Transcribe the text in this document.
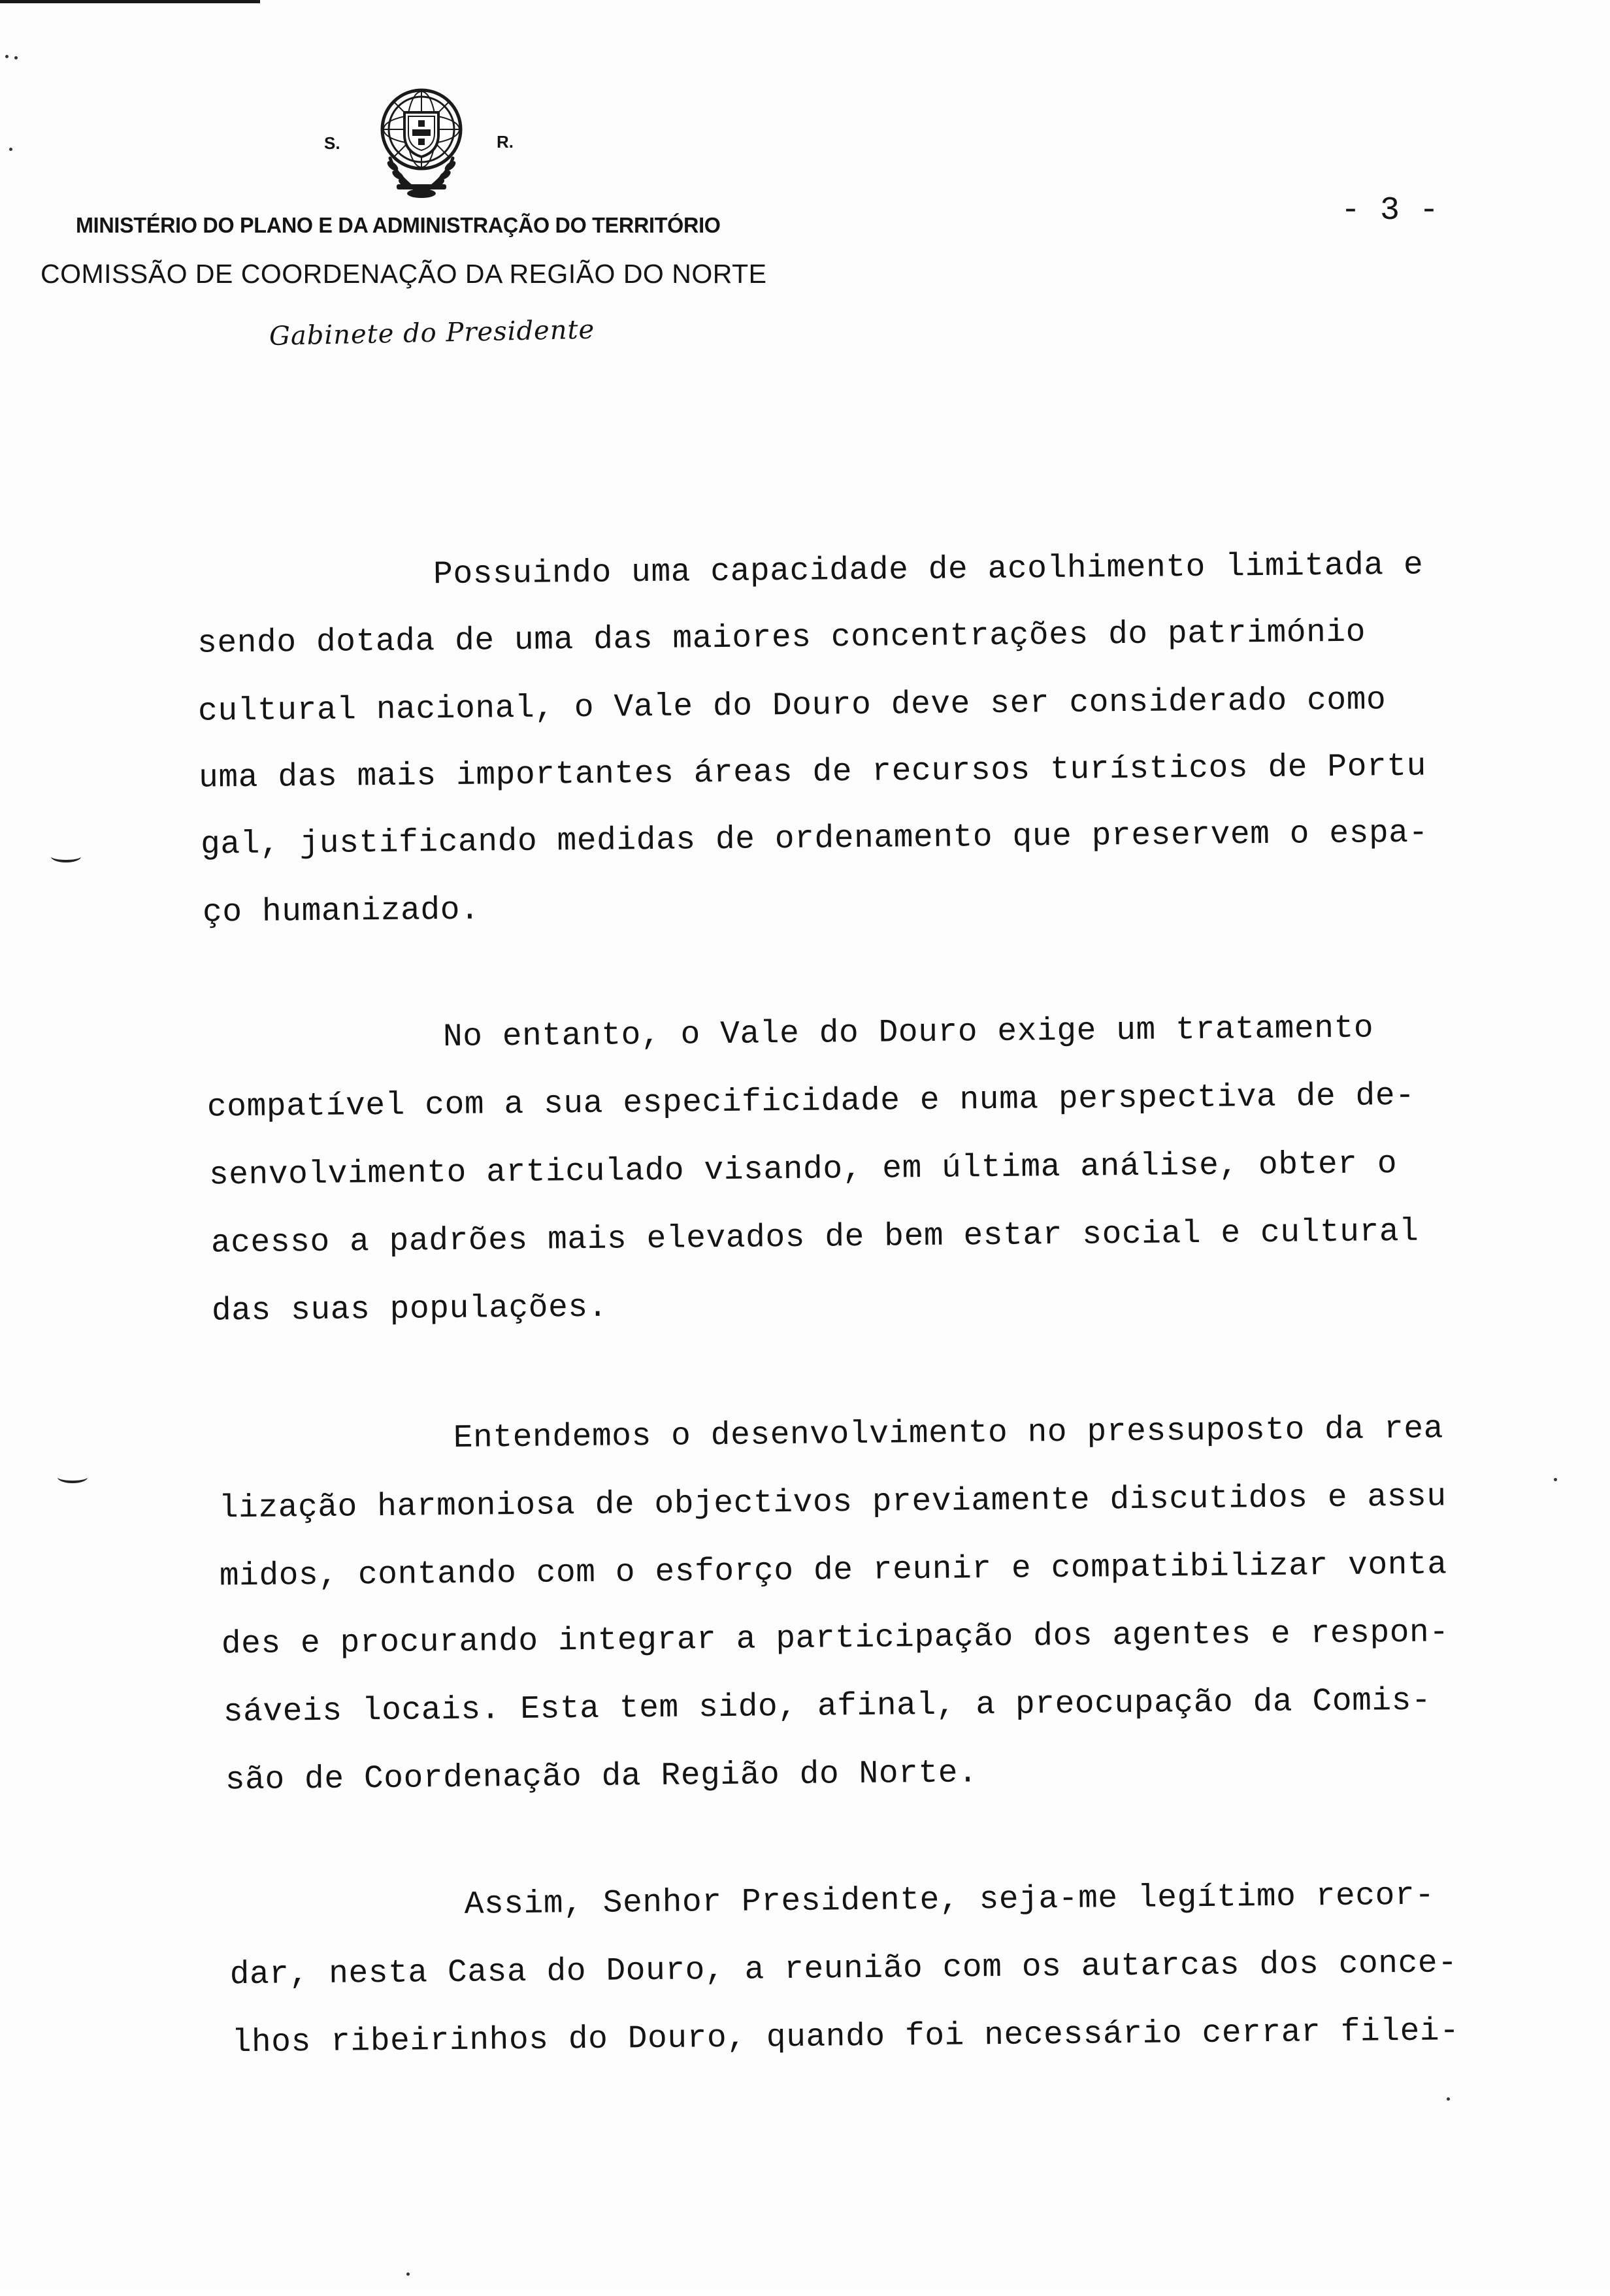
S.	R.
MINISTÉRIO DO PLANO E DA ADMINISTRAÇÃO DO TERRITÓRIO
COMISSÃO DE COORDENAÇÃO DA REGIÃO DO NORTE
Gabinete do Presidente
- 3 -
Possuindo uma capacidade de acolhimento limitada e
sendo dotada de uma das maiores concentrações do património
cultural nacional, o Vale do Douro deve ser considerado como
uma das mais importantes áreas de recursos turísticos de Portu
gal, justificando medidas de ordenamento que preservem o espa-
ço humanizado.
No entanto, o Vale do Douro exige um tratamento
compatível com a sua especificidade e numa perspectiva de de-
senvolvimento articulado visando, em última análise, obter o
acesso a padrões mais elevados de bem estar social e cultural
das suas populações.
Entendemos o desenvolvimento no pressuposto da rea
lização harmoniosa de objectivos previamente discutidos e assu
midos, contando com o esforço de reunir e compatibilizar vonta
des e procurando integrar a participação dos agentes e respon-
sáveis locais. Esta tem sido, afinal, a preocupação da Comis-
são de Coordenação da Região do Norte.
Assim, Senhor Presidente, seja-me legítimo recor-
dar, nesta Casa do Douro, a reunião com os autarcas dos conce-
lhos ribeirinhos do Douro, quando foi necessário cerrar filei-
